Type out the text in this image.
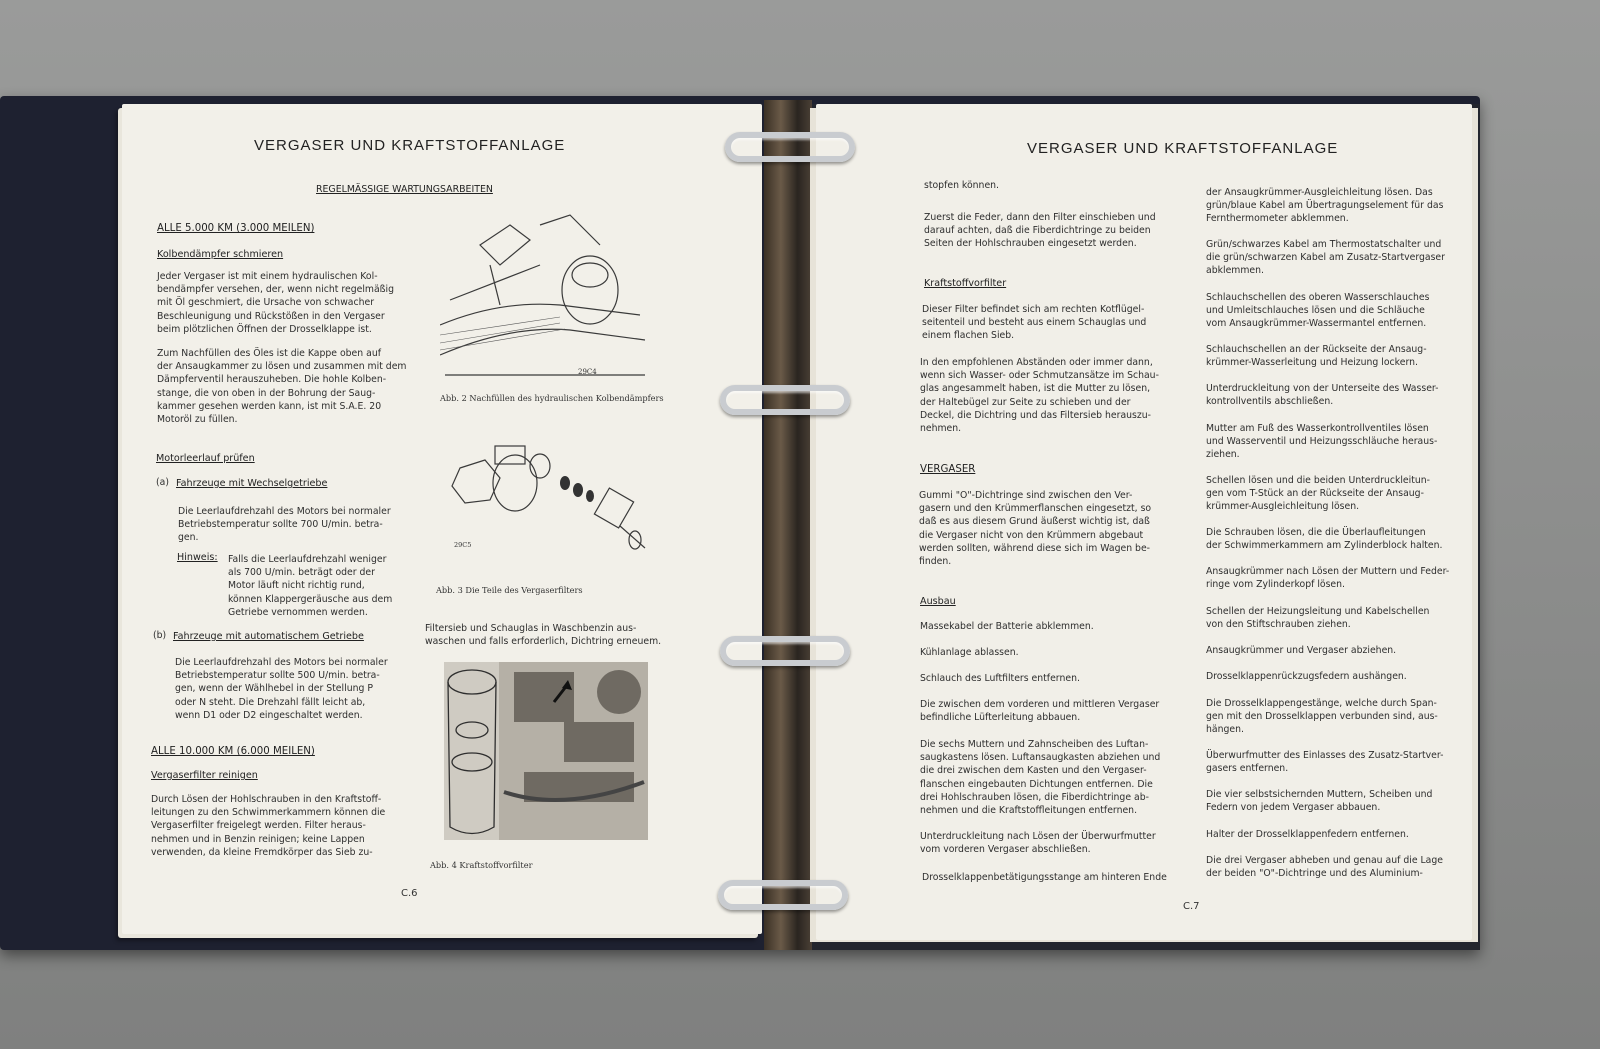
VERGASER UND KRAFTSTOFFANLAGE
REGELMÄSSIGE WARTUNGSARBEITEN
ALLE 5.000 KM (3.000 MEILEN)
Kolbendämpfer schmieren
Jeder Vergaser ist mit einem hydraulischen Kol-
bendämpfer versehen, der, wenn nicht regelmäßig
mit Öl geschmiert, die Ursache von schwacher
Beschleunigung und Rückstößen in den Vergaser
beim plötzlichen Öffnen der Drosselklappe ist.
Zum Nachfüllen des Öles ist die Kappe oben auf
der Ansaugkammer zu lösen und zusammen mit dem
Dämpferventil herauszuheben. Die hohle Kolben-
stange, die von oben in der Bohrung der Saug-
kammer gesehen werden kann, ist mit S.A.E. 20
Motoröl zu füllen.
Motorleerlauf prüfen
(a) Fahrzeuge mit Wechselgetriebe
Die Leerlaufdrehzahl des Motors bei normaler
Betriebstemperatur sollte 700 U/min. betra-
gen.
Hinweis: Falls die Leerlaufdrehzahl weniger
als 700 U/min. beträgt oder der
Motor läuft nicht richtig rund,
können Klappergeräusche aus dem
Getriebe vernommen werden.
(b) Fahrzeuge mit automatischem Getriebe
Die Leerlaufdrehzahl des Motors bei normaler
Betriebstemperatur sollte 500 U/min. betra-
gen, wenn der Wählhebel in der Stellung P
oder N steht. Die Drehzahl fällt leicht ab,
wenn D1 oder D2 eingeschaltet werden.
ALLE 10.000 KM (6.000 MEILEN)
Vergaserfilter reinigen
Durch Lösen der Hohlschrauben in den Kraftstoff-
leitungen zu den Schwimmerkammern können die
Vergaserfilter freigelegt werden. Filter heraus-
nehmen und in Benzin reinigen; keine Lappen
verwenden, da kleine Fremdkörper das Sieb zu-
29C4
Abb. 2 Nachfüllen des hydraulischen Kolbendämpfers
29C5
Abb. 3 Die Teile des Vergaserfilters
Filtersieb und Schauglas in Waschbenzin aus-
waschen und falls erforderlich, Dichtring erneuem.
Abb. 4 Kraftstoffvorfilter
C.6
VERGASER UND KRAFTSTOFFANLAGE
stopfen können.
Zuerst die Feder, dann den Filter einschieben und
darauf achten, daß die Fiberdichtringe zu beiden
Seiten der Hohlschrauben eingesetzt werden.
Kraftstoffvorfilter
Dieser Filter befindet sich am rechten Kotflügel-
seitenteil und besteht aus einem Schauglas und
einem flachen Sieb.
In den empfohlenen Abständen oder immer dann,
wenn sich Wasser- oder Schmutzansätze im Schau-
glas angesammelt haben, ist die Mutter zu lösen,
der Haltebügel zur Seite zu schieben und der
Deckel, die Dichtring und das Filtersieb herauszu-
nehmen.
VERGASER
Gummi "O"-Dichtringe sind zwischen den Ver-
gasern und den Krümmerflanschen eingesetzt, so
daß es aus diesem Grund äußerst wichtig ist, daß
die Vergaser nicht von den Krümmern abgebaut
werden sollten, während diese sich im Wagen be-
finden.
Ausbau
Massekabel der Batterie abklemmen.
Kühlanlage ablassen.
Schlauch des Luftfilters entfernen.
Die zwischen dem vorderen und mittleren Vergaser
befindliche Lüfterleitung abbauen.
Die sechs Muttern und Zahnscheiben des Luftan-
saugkastens lösen. Luftansaugkasten abziehen und
die drei zwischen dem Kasten und den Vergaser-
flanschen eingebauten Dichtungen entfernen. Die
drei Hohlschrauben lösen, die Fiberdichtringe ab-
nehmen und die Kraftstoffleitungen entfernen.
Unterdruckleitung nach Lösen der Überwurfmutter
vom vorderen Vergaser abschließen.
Drosselklappenbetätigungsstange am hinteren Ende
der Ansaugkrümmer-Ausgleichleitung lösen. Das
grün/blaue Kabel am Übertragungselement für das
Fernthermometer abklemmen.
Grün/schwarzes Kabel am Thermostatschalter und
die grün/schwarzen Kabel am Zusatz-Startvergaser
abklemmen.
Schlauchschellen des oberen Wasserschlauches
und Umleitschlauches lösen und die Schläuche
vom Ansaugkrümmer-Wassermantel entfernen.
Schlauchschellen an der Rückseite der Ansaug-
krümmer-Wasserleitung und Heizung lockern.
Unterdruckleitung von der Unterseite des Wasser-
kontrollventils abschließen.
Mutter am Fuß des Wasserkontrollventiles lösen
und Wasserventil und Heizungsschläuche heraus-
ziehen.
Schellen lösen und die beiden Unterdruckleitun-
gen vom T-Stück an der Rückseite der Ansaug-
krümmer-Ausgleichleitung lösen.
Die Schrauben lösen, die die Überlaufleitungen
der Schwimmerkammern am Zylinderblock halten.
Ansaugkrümmer nach Lösen der Muttern und Feder-
ringe vom Zylinderkopf lösen.
Schellen der Heizungsleitung und Kabelschellen
von den Stiftschrauben ziehen.
Ansaugkrümmer und Vergaser abziehen.
Drosselklappenrückzugsfedern aushängen.
Die Drosselklappengestänge, welche durch Span-
gen mit den Drosselklappen verbunden sind, aus-
hängen.
Überwurfmutter des Einlasses des Zusatz-Startver-
gasers entfernen.
Die vier selbstsichernden Muttern, Scheiben und
Federn von jedem Vergaser abbauen.
Halter der Drosselklappenfedern entfernen.
Die drei Vergaser abheben und genau auf die Lage
der beiden "O"-Dichtringe und des Aluminium-
C.7
